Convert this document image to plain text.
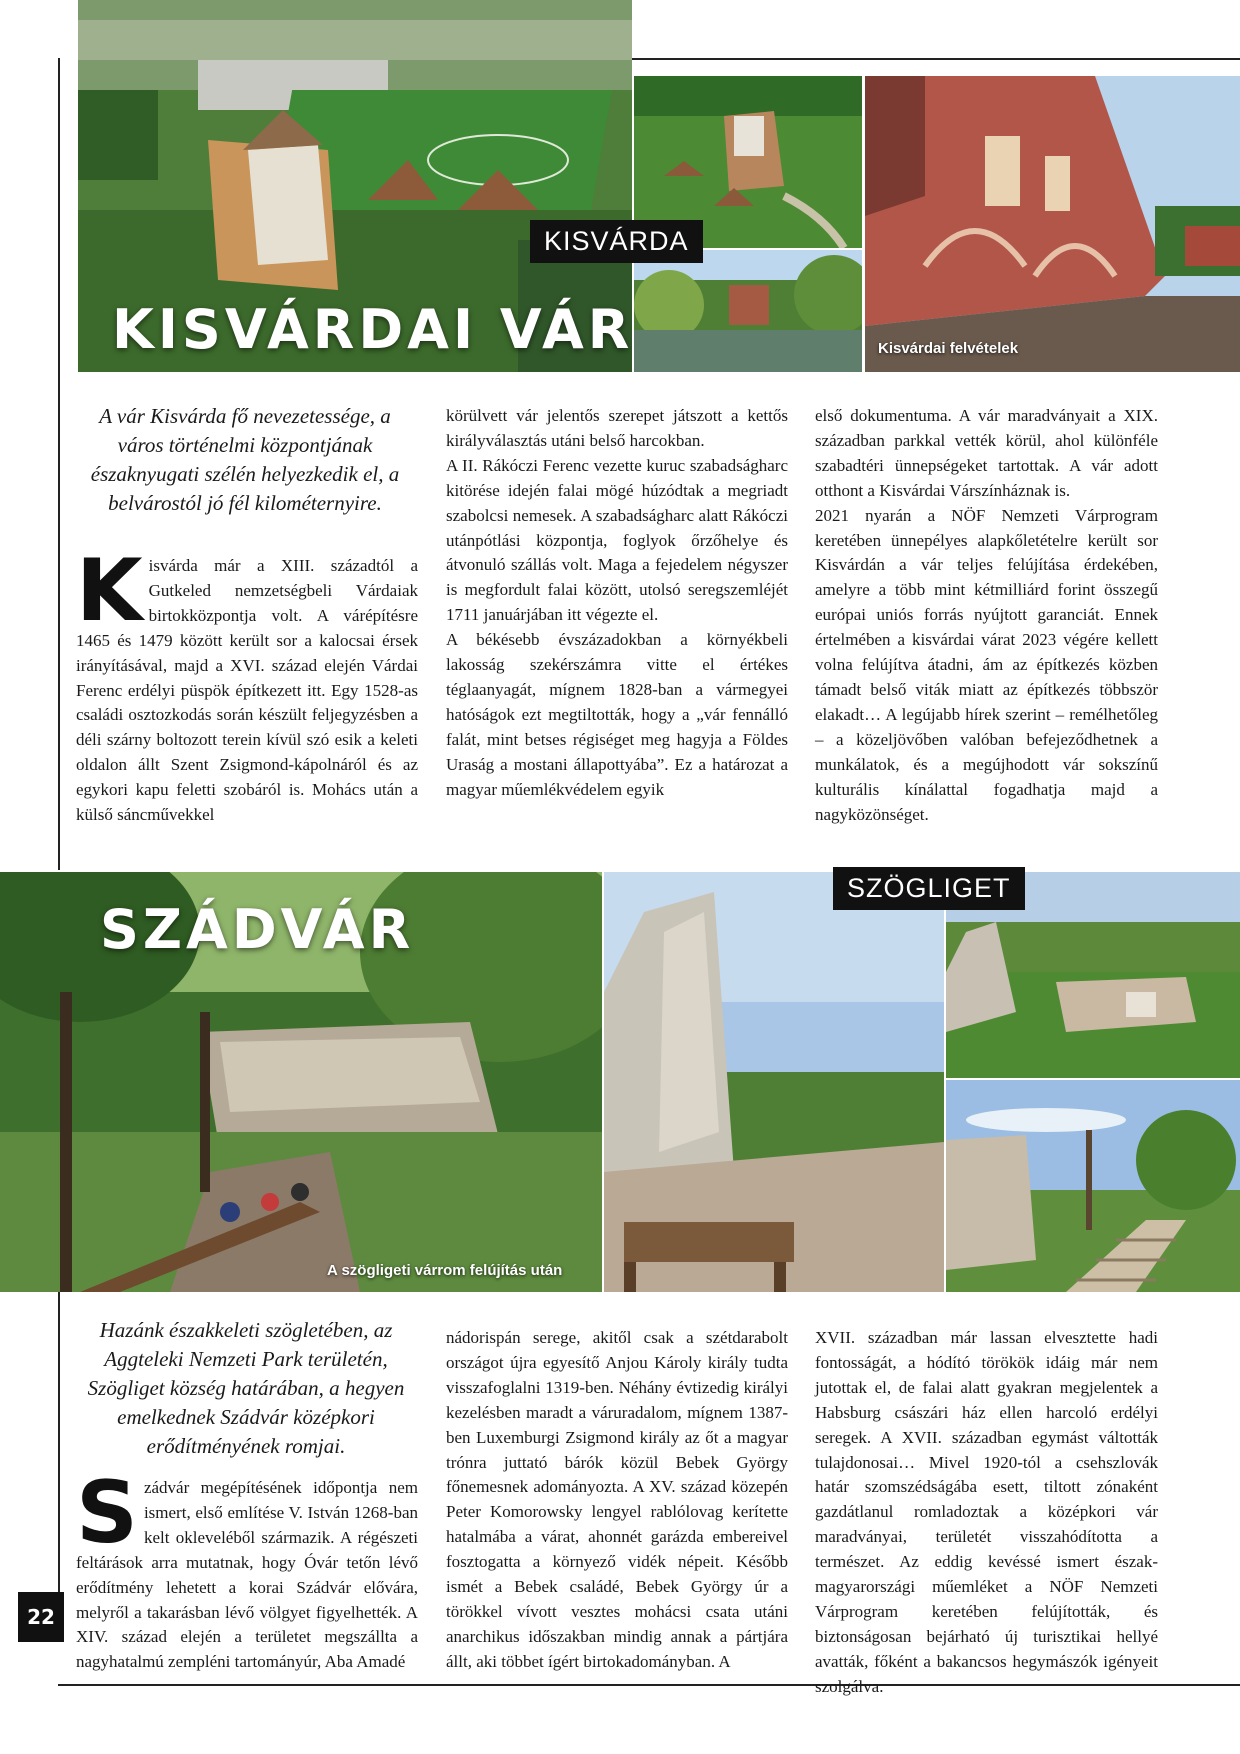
KISVÁRDAI VÁR
KISVÁRDA
Kisvárdai felvételek
A vár Kisvárda fő nevezetessége, a város történelmi központjának északnyugati szélén helyezkedik el, a belvárostól jó fél kilométernyire.
K isvárda már a XIII. századtól a Gutkeled nemzetségbeli Várdaiak birtokközpontja volt. A várépítésre 1465 és 1479 között került sor a kalocsai érsek irányításával, majd a XVI. század elején Várdai Ferenc erdélyi püspök építkezett itt. Egy 1528-as családi osztozkodás során készült feljegyzésben a déli szárny boltozott terein kívül szó esik a keleti oldalon állt Szent Zsigmond-kápolnáról és az egykori kapu feletti szobáról is. Mohács után a külső sáncművekkel

körülvett vár jelentős szerepet játszott a kettős királyválasztás utáni belső harcokban.

A II. Rákóczi Ferenc vezette kuruc szabadságharc kitörése idején falai mögé húzódtak a megriadt szabolcsi nemesek. A szabadságharc alatt Rákóczi utánpótlási központja, foglyok őrzőhelye és átvonuló szállás volt. Maga a fejedelem négyszer is megfordult falai között, utolsó seregszemléjét 1711 januárjában itt végezte el.

A békésebb évszázadokban a környékbeli lakosság szekérszámra vitte el értékes téglaanyagát, mígnem 1828-ban a vármegyei hatóságok ezt megtiltották, hogy a „vár fennálló falát, mint betses régiséget meg hagyja a Földes Uraság a mostani állapottyába”. Ez a határozat a magyar műemlékvédelem egyik

első dokumentuma. A vár maradványait a XIX. században parkkal vették körül, ahol különféle szabadtéri ünnepségeket tartottak. A vár adott otthont a Kisvárdai Várszínháznak is.

2021 nyarán a NÖF Nemzeti Várprogram keretében ünnepélyes alapkőletételre került sor Kisvárdán a vár teljes felújítása érdekében, amelyre a több mint kétmilliárd forint összegű európai uniós forrás nyújtott garanciát. Ennek értelmében a kisvárdai várat 2023 végére kellett volna felújítva átadni, ám az építkezés közben támadt belső viták miatt az építkezés többször elakadt… A legújabb hírek szerint – remélhetőleg – a közeljövőben valóban befejeződhetnek a munkálatok, és a megújhodott vár sokszínű kulturális kínálattal fogadhatja majd a nagyközönséget.

SZÁDVÁR
SZÖGLIGET
A szögligeti várrom felújítás után
Hazánk északkeleti szögletében, az Aggteleki Nemzeti Park területén, Szögliget község határában, a hegyen emelkednek Szádvár középkori erődítményének romjai.
S zádvár megépítésének időpontja nem ismert, első említése V. István 1268-ban kelt okleveléből származik. A régészeti feltárások arra mutatnak, hogy Óvár tetőn lévő erődítmény lehetett a korai Szádvár elővára, melyről a takarásban lévő völgyet figyelhették. A XIV. század elején a területet megszállta a nagyhatalmú zempléni tartományúr, Aba Amadé

nádorispán serege, akitől csak a szétdarabolt országot újra egyesítő Anjou Károly király tudta visszafoglalni 1319-ben. Néhány évtizedig királyi kezelésben maradt a váruradalom, mígnem 1387-ben Luxemburgi Zsigmond király az őt a magyar trónra juttató bárók közül Bebek György főnemesnek adományozta. A XV. század közepén Peter Komorowsky lengyel rablólovag kerítette hatalmába a várat, ahonnét garázda embereivel fosztogatta a környező vidék népeit. Később ismét a Bebek családé, Bebek György úr a törökkel vívott vesztes mohácsi csata utáni anarchikus időszakban mindig annak a pártjára állt, aki többet ígért birtokadományban. A

XVII. században már lassan elvesztette hadi fontosságát, a hódító törökök idáig már nem jutottak el, de falai alatt gyakran megjelentek a Habsburg császári ház ellen harcoló erdélyi seregek. A XVII. században egymást váltották tulajdonosai… Mivel 1920-tól a csehszlovák határ szomszédságába esett, tiltott zónaként gazdátlanul romladoztak a középkori vár maradványai, területét visszahódította a természet. Az eddig kevéssé ismert észak-magyarországi műemléket a NÖF Nemzeti Várprogram keretében felújították, és biztonságosan bejárható új turisztikai hellyé avatták, főként a bakancsos hegymászók igényeit szolgálva.

22
